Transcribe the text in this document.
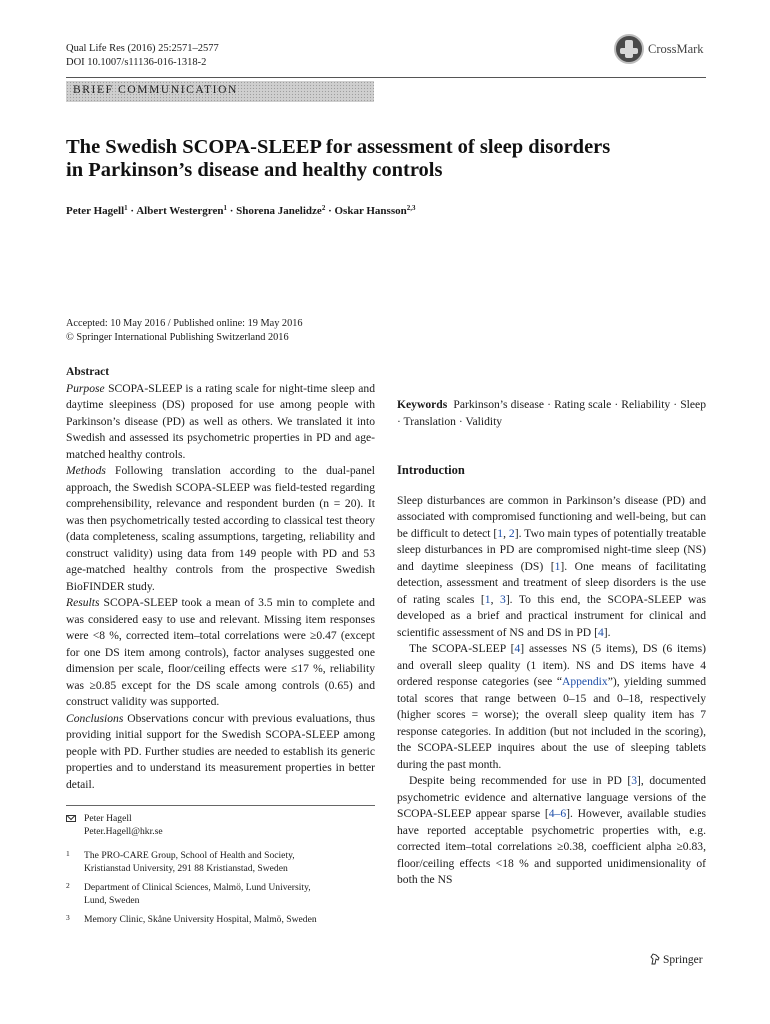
Qual Life Res (2016) 25:2571–2577
DOI 10.1007/s11136-016-1318-2
CrossMark
BRIEF COMMUNICATION
The Swedish SCOPA-SLEEP for assessment of sleep disorders
in Parkinson’s disease and healthy controls
Peter Hagell$^1$ · Albert Westergren$^1$ · Shorena Janelidze$^2$ · Oskar Hansson$^{2,3}$
Accepted: 10 May 2016 / Published online: 19 May 2016
© Springer International Publishing Switzerland 2016

Abstract

Purpose SCOPA-SLEEP is a rating scale for night-time sleep and daytime sleepiness (DS) proposed for use among people with Parkinson’s disease (PD) as well as others. We translated it into Swedish and assessed its psychometric properties in PD and age-matched healthy controls.

Methods Following translation according to the dual-panel approach, the Swedish SCOPA-SLEEP was field-tested regarding comprehensibility, relevance and respondent burden (n = 20). It was then psychometrically tested according to classical test theory (data completeness, scaling assumptions, targeting, reliability and construct validity) using data from 149 people with PD and 53 age-matched healthy controls from the prospective Swedish BioFINDER study.

Results SCOPA-SLEEP took a mean of 3.5 min to complete and was considered easy to use and relevant. Missing item responses were <8 %, corrected item–total correlations were ≥0.47 (except for one DS item among controls), factor analyses suggested one dimension per scale, floor/ceiling effects were ≤17 %, reliability was ≥0.85 except for the DS scale among controls (0.65) and construct validity was supported.

Conclusions Observations concur with previous evaluations, thus providing initial support for the Swedish SCOPA-SLEEP among people with PD. Further studies are needed to establish its generic properties and to understand its measurement properties in better detail.

Keywords Parkinson’s disease · Rating scale · Reliability · Sleep · Translation · Validity

Introduction

Sleep disturbances are common in Parkinson’s disease (PD) and associated with compromised functioning and well-being, but can be difficult to detect [1, 2]. Two main types of potentially treatable sleep disturbances in PD are compromised night-time sleep (NS) and daytime sleepiness (DS) [1]. One means of facilitating detection, assessment and treatment of sleep disorders is the use of rating scales [1, 3]. To this end, the SCOPA-SLEEP was developed as a brief and practical instrument for clinical and scientific assessment of NS and DS in PD [4].

The SCOPA-SLEEP [4] assesses NS (5 items), DS (6 items) and overall sleep quality (1 item). NS and DS items have 4 ordered response categories (see “Appendix”), yielding summed total scores that range between 0–15 and 0–18, respectively (higher scores = worse); the overall sleep quality item has 7 response categories. In addition (but not included in the scoring), the SCOPA-SLEEP inquires about the use of sleeping tablets during the past month.

Despite being recommended for use in PD [3], documented psychometric evidence and alternative language versions of the SCOPA-SLEEP appear sparse [4–6]. However, available studies have reported acceptable psychometric properties with, e.g. corrected item–total correlations ≥0.38, coefficient alpha ≥0.83, floor/ceiling effects <18 % and supported unidimensionality of both the NS

Peter Hagell
Peter.Hagell@hkr.se
1 The PRO-CARE Group, School of Health and Society,
Kristianstad University, 291 88 Kristianstad, Sweden
2 Department of Clinical Sciences, Malmö, Lund University,
Lund, Sweden
3 Memory Clinic, Skåne University Hospital, Malmö, Sweden
Springer
